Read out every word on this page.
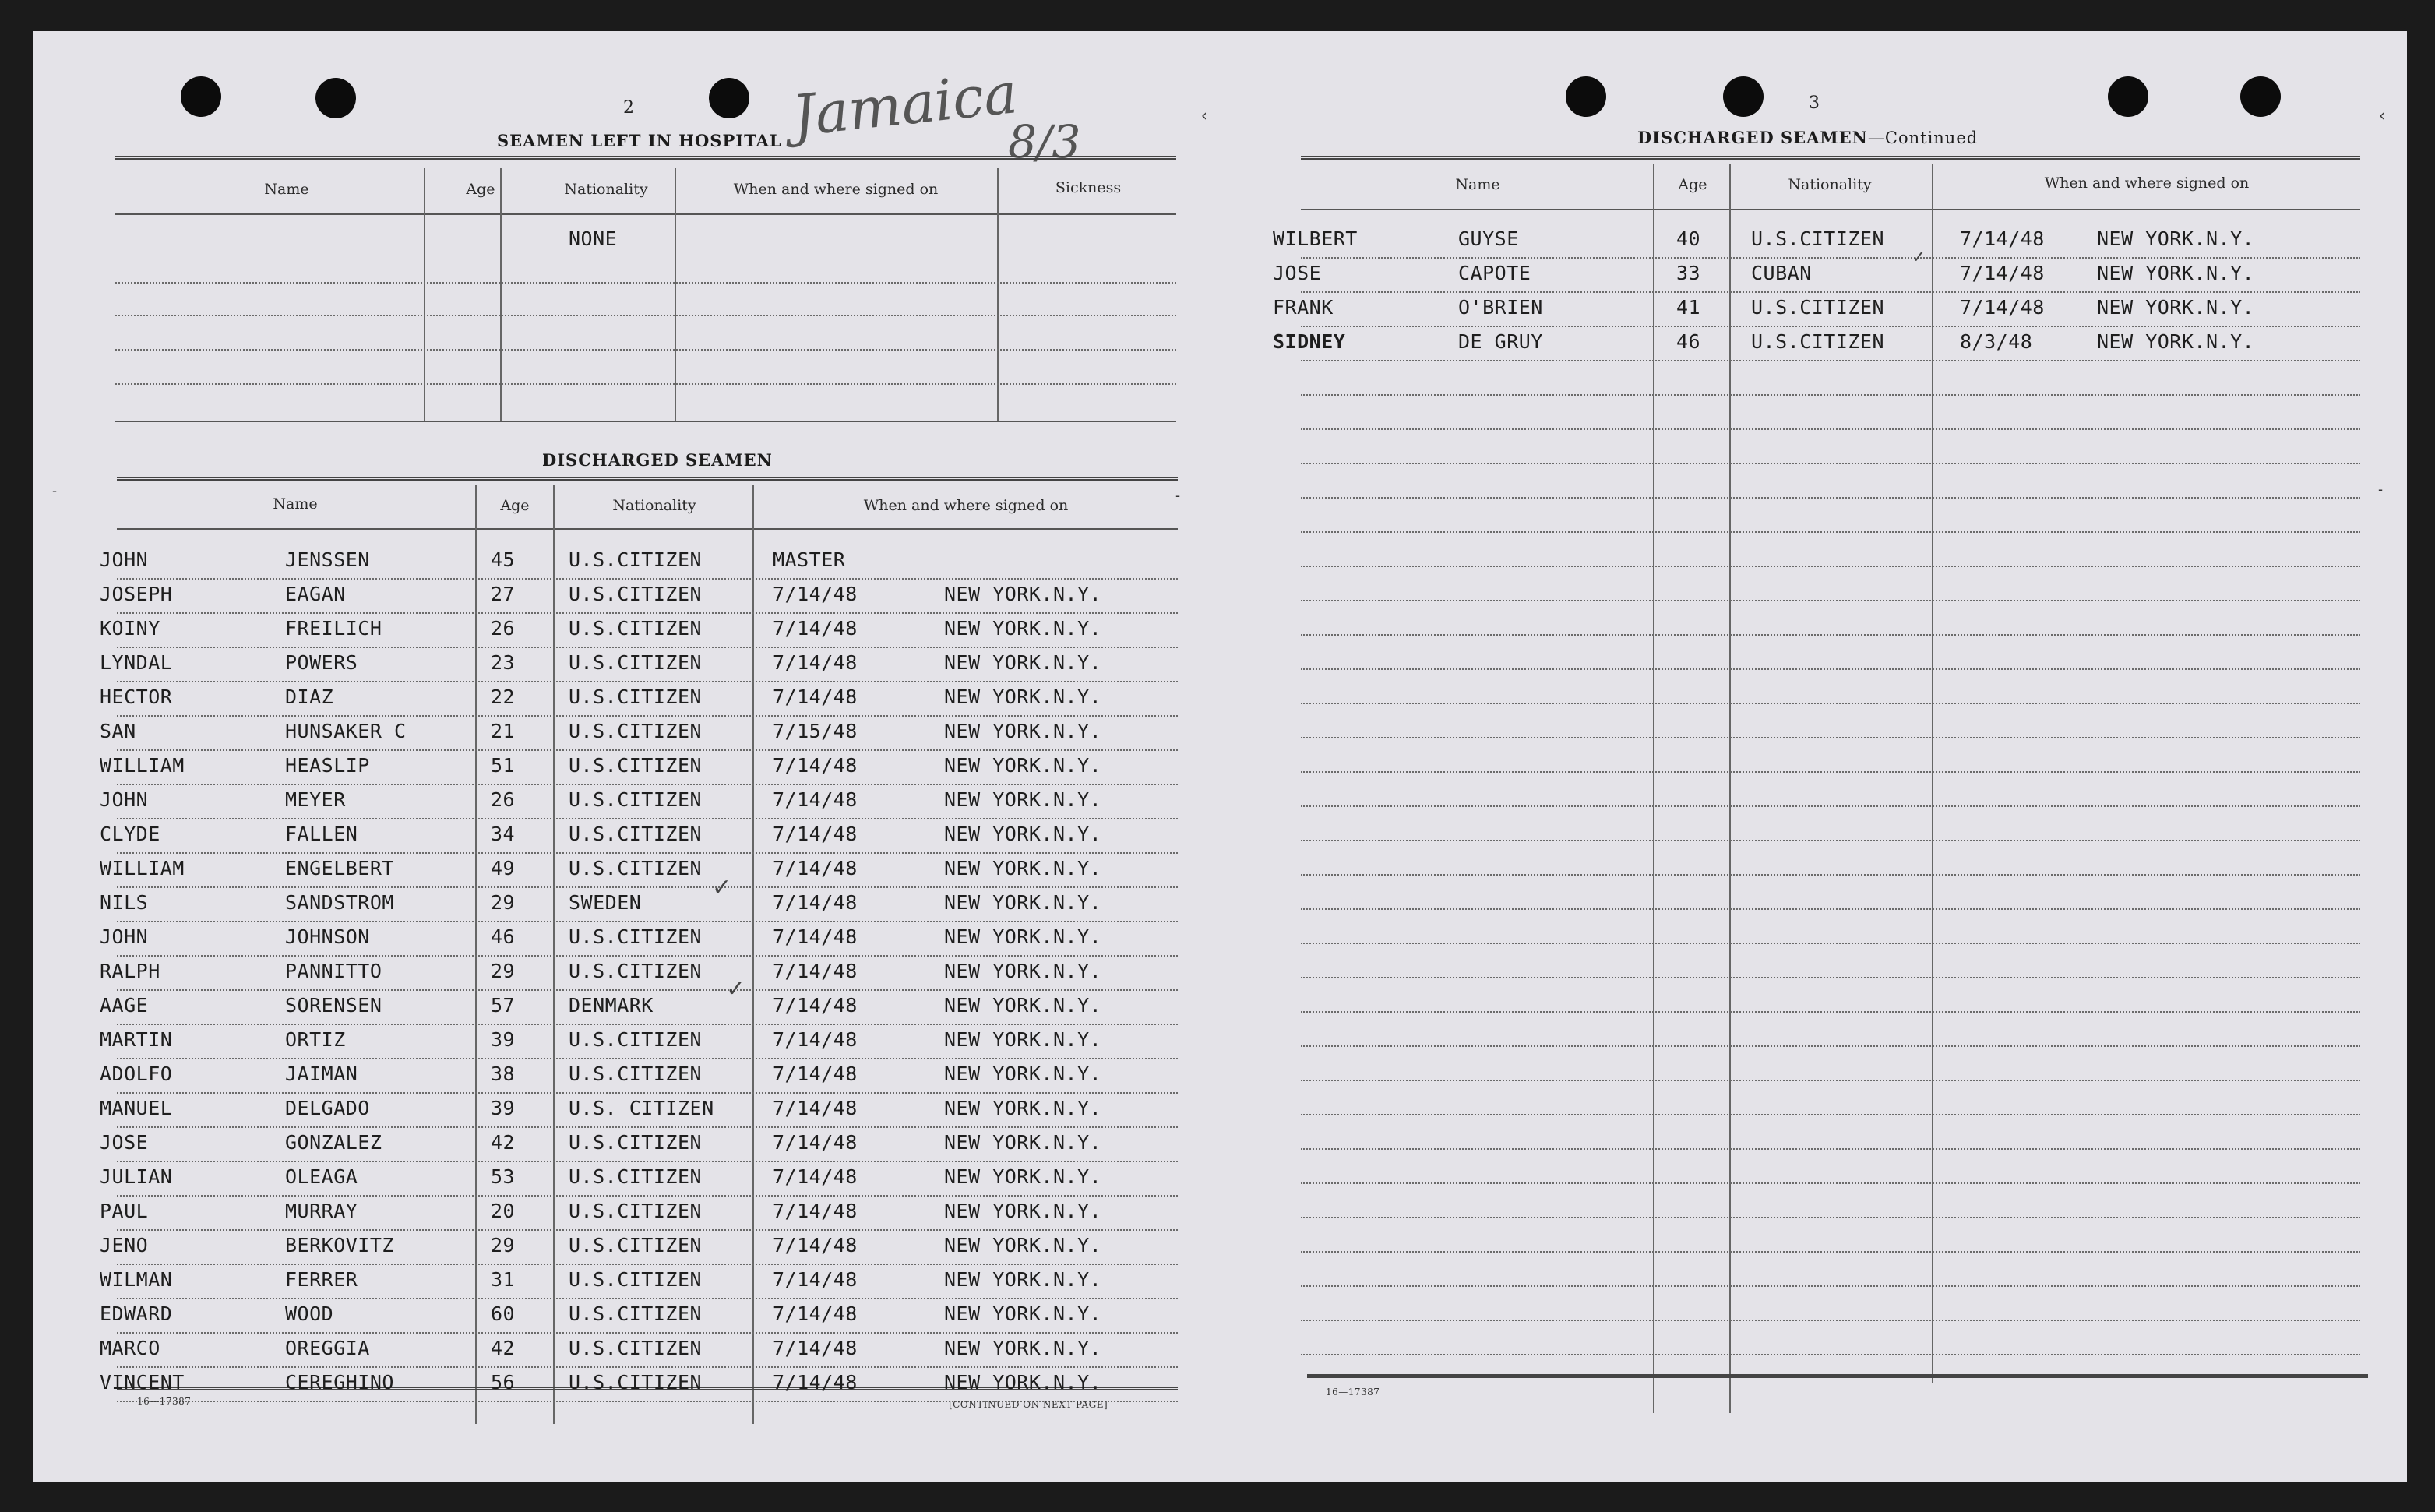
2
SEAMEN LEFT IN HOSPITAL Jamaica
8/3
Name	Age	Nationality	When and where signed on	Sickness
NONE
DISCHARGED SEAMEN
Name	Age	Nationality	When and where signed on
JOHN	JENSSEN	45	U.S.CITIZEN	MASTER
JOSEPH	EAGAN	27	U.S.CITIZEN	7/14/48	NEW YORK.N.Y.
KOINY	FREILICH	26	U.S.CITIZEN	7/14/48	NEW YORK.N.Y.
LYNDAL	POWERS	23	U.S.CITIZEN	7/14/48	NEW YORK.N.Y.
HECTOR	DIAZ	22	U.S.CITIZEN	7/14/48	NEW YORK.N.Y.
SAN	HUNSAKER C	21	U.S.CITIZEN	7/15/48	NEW YORK.N.Y.
WILLIAM	HEASLIP	51	U.S.CITIZEN	7/14/48	NEW YORK.N.Y.
JOHN	MEYER	26	U.S.CITIZEN	7/14/48	NEW YORK.N.Y.
CLYDE	FALLEN	34	U.S.CITIZEN	7/14/48	NEW YORK.N.Y.
WILLIAM	ENGELBERT	49	U.S.CITIZEN	7/14/48	NEW YORK.N.Y.
NILS	SANDSTROM	29	SWEDEN	7/14/48	NEW YORK.N.Y.
JOHN	JOHNSON	46	U.S.CITIZEN	7/14/48	NEW YORK.N.Y.
RALPH	PANNITTO	29	U.S.CITIZEN	7/14/48	NEW YORK.N.Y.
AAGE	SORENSEN	57	DENMARK	7/14/48	NEW YORK.N.Y.
MARTIN	ORTIZ	39	U.S.CITIZEN	7/14/48	NEW YORK.N.Y.
ADOLFO	JAIMAN	38	U.S.CITIZEN	7/14/48	NEW YORK.N.Y.
MANUEL	DELGADO	39	U.S. CITIZEN	7/14/48	NEW YORK.N.Y.
JOSE	GONZALEZ	42	U.S.CITIZEN	7/14/48	NEW YORK.N.Y.
JULIAN	OLEAGA	53	U.S.CITIZEN	7/14/48	NEW YORK.N.Y.
PAUL	MURRAY	20	U.S.CITIZEN	7/14/48	NEW YORK.N.Y.
JENO	BERKOVITZ	29	U.S.CITIZEN	7/14/48	NEW YORK.N.Y.
WILMAN	FERRER	31	U.S.CITIZEN	7/14/48	NEW YORK.N.Y.
EDWARD	WOOD	60	U.S.CITIZEN	7/14/48	NEW YORK.N.Y.
MARCO	OREGGIA	42	U.S.CITIZEN	7/14/48	NEW YORK.N.Y.
VINCENT	CEREGHINO	56	U.S.CITIZEN	7/14/48	NEW YORK.N.Y.
✓
✓
16—17387	[CONTINUED ON NEXT PAGE]
3
DISCHARGED SEAMEN—Continued
Name	Age	Nationality	When and where signed on
WILBERT	GUYSE	40	U.S.CITIZEN	7/14/48	NEW YORK.N.Y.
JOSE	CAPOTE	33	CUBAN	7/14/48	NEW YORK.N.Y.
FRANK	O'BRIEN	41	U.S.CITIZEN	7/14/48	NEW YORK.N.Y.
SIDNEY	DE GRUY	46	U.S.CITIZEN	8/3/48	NEW YORK.N.Y.
✓
16—17387
˗	˗
‹	‹
˗
